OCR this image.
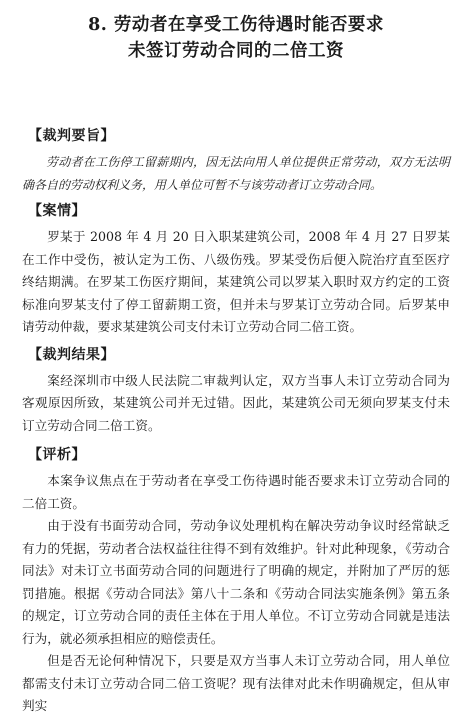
8. 劳动者在享受工伤待遇时能否要求
未签订劳动合同的二倍工资
【裁判要旨】

劳动者在工伤停工留薪期内，因无法向用人单位提供正常劳动，双方无法明确各自的劳动权利义务，用人单位可暂不与该劳动者订立劳动合同。

【案情】

罗某于 2008 年 4 月 20 日入职某建筑公司，2008 年 4 月 27 日罗某在工作中受伤，被认定为工伤、八级伤残。罗某受伤后便入院治疗直至医疗终结期满。在罗某工伤医疗期间，某建筑公司以罗某入职时双方约定的工资标准向罗某支付了停工留薪期工资，但并未与罗某订立劳动合同。后罗某申请劳动仲裁，要求某建筑公司支付未订立劳动合同二倍工资。

【裁判结果】

案经深圳市中级人民法院二审裁判认定，双方当事人未订立劳动合同为客观原因所致，某建筑公司并无过错。因此，某建筑公司无须向罗某支付未订立劳动合同二倍工资。

【评析】

本案争议焦点在于劳动者在享受工伤待遇时能否要求未订立劳动合同的二倍工资。

由于没有书面劳动合同，劳动争议处理机构在解决劳动争议时经常缺乏有力的凭据，劳动者合法权益往往得不到有效维护。针对此种现象，《劳动合同法》对未订立书面劳动合同的问题进行了明确的规定，并附加了严厉的惩罚措施。根据《劳动合同法》第八十二条和《劳动合同法实施条例》第五条的规定，订立劳动合同的责任主体在于用人单位。不订立劳动合同就是违法行为，就必须承担相应的赔偿责任。

但是否无论何种情况下，只要是双方当事人未订立劳动合同，用人单位都需支付未订立劳动合同二倍工资呢？现有法律对此未作明确规定，但从审判实
